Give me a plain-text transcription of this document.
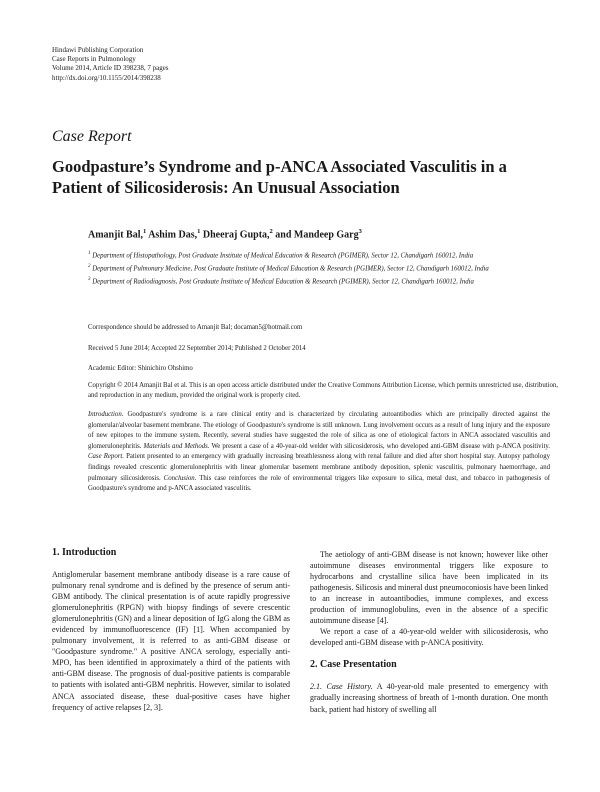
Hindawi Publishing Corporation
Case Reports in Pulmonology
Volume 2014, Article ID 398238, 7 pages
http://dx.doi.org/10.1155/2014/398238
Case Report
Goodpasture’s Syndrome and p-ANCA Associated Vasculitis in a Patient of Silicosiderosis: An Unusual Association
Amanjit Bal,$^1$ Ashim Das,$^1$ Dheeraj Gupta,$^2$ and Mandeep Garg$^3$
$^1$ Department of Histopathology, Post Graduate Institute of Medical Education & Research (PGIMER), Sector 12, Chandigarh 160012, India
$^2$ Department of Pulmonary Medicine, Post Graduate Institute of Medical Education & Research (PGIMER), Sector 12, Chandigarh 160012, India
$^3$ Department of Radiodiagnosis, Post Graduate Institute of Medical Education & Research (PGIMER), Sector 12, Chandigarh 160012, India
Correspondence should be addressed to Amanjit Bal; docaman5@hotmail.com
Received 5 June 2014; Accepted 22 September 2014; Published 2 October 2014
Academic Editor: Shinichiro Ohshimo
Copyright © 2014 Amanjit Bal et al. This is an open access article distributed under the Creative Commons Attribution License, which permits unrestricted use, distribution, and reproduction in any medium, provided the original work is properly cited.
Introduction. Goodpasture's syndrome is a rare clinical entity and is characterized by circulating autoantibodies which are principally directed against the glomerular/alveolar basement membrane. The etiology of Goodpasture's syndrome is still unknown. Lung involvement occurs as a result of lung injury and the exposure of new epitopes to the immune system. Recently, several studies have suggested the role of silica as one of etiological factors in ANCA associated vasculitis and glomerulonephritis. Materials and Methods. We present a case of a 40-year-old welder with silicosiderosis, who developed anti-GBM disease with p-ANCA positivity. Case Report. Patient presented to an emergency with gradually increasing breathlessness along with renal failure and died after short hospital stay. Autopsy pathology findings revealed crescentic glomerulonephritis with linear glomerular basement membrane antibody deposition, splenic vasculitis, pulmonary haemorrhage, and pulmonary silicosiderosis. Conclusion. This case reinforces the role of environmental triggers like exposure to silica, metal dust, and tobacco in pathogenesis of Goodpasture's syndrome and p-ANCA associated vasculitis.
1. Introduction

Antiglomerular basement membrane antibody disease is a rare cause of pulmonary renal syndrome and is defined by the presence of serum anti-GBM antibody. The clinical presentation is of acute rapidly progressive glomerulonephritis (RPGN) with biopsy findings of severe crescentic glomerulonephritis (GN) and a linear deposition of IgG along the GBM as evidenced by immunofluorescence (IF) [1]. When accompanied by pulmonary involvement, it is referred to as anti-GBM disease or "Goodpasture syndrome." A positive ANCA serology, especially anti-MPO, has been identified in approximately a third of the patients with anti-GBM disease. The prognosis of dual-positive patients is comparable to patients with isolated anti-GBM nephritis. However, similar to isolated ANCA associated disease, these dual-positive cases have higher frequency of active relapses [2, 3].

The aetiology of anti-GBM disease is not known; however like other autoimmune diseases environmental triggers like exposure to hydrocarbons and crystalline silica have been implicated in its pathogenesis. Silicosis and mineral dust pneumoconiosis have been linked to an increase in autoantibodies, immune complexes, and excess production of immunoglobulins, even in the absence of a specific autoimmune disease [4].

We report a case of a 40-year-old welder with silicosiderosis, who developed anti-GBM disease with p-ANCA positivity.

2. Case Presentation

2.1. Case History. A 40-year-old male presented to emergency with gradually increasing shortness of breath of 1-month duration. One month back, patient had history of swelling all
